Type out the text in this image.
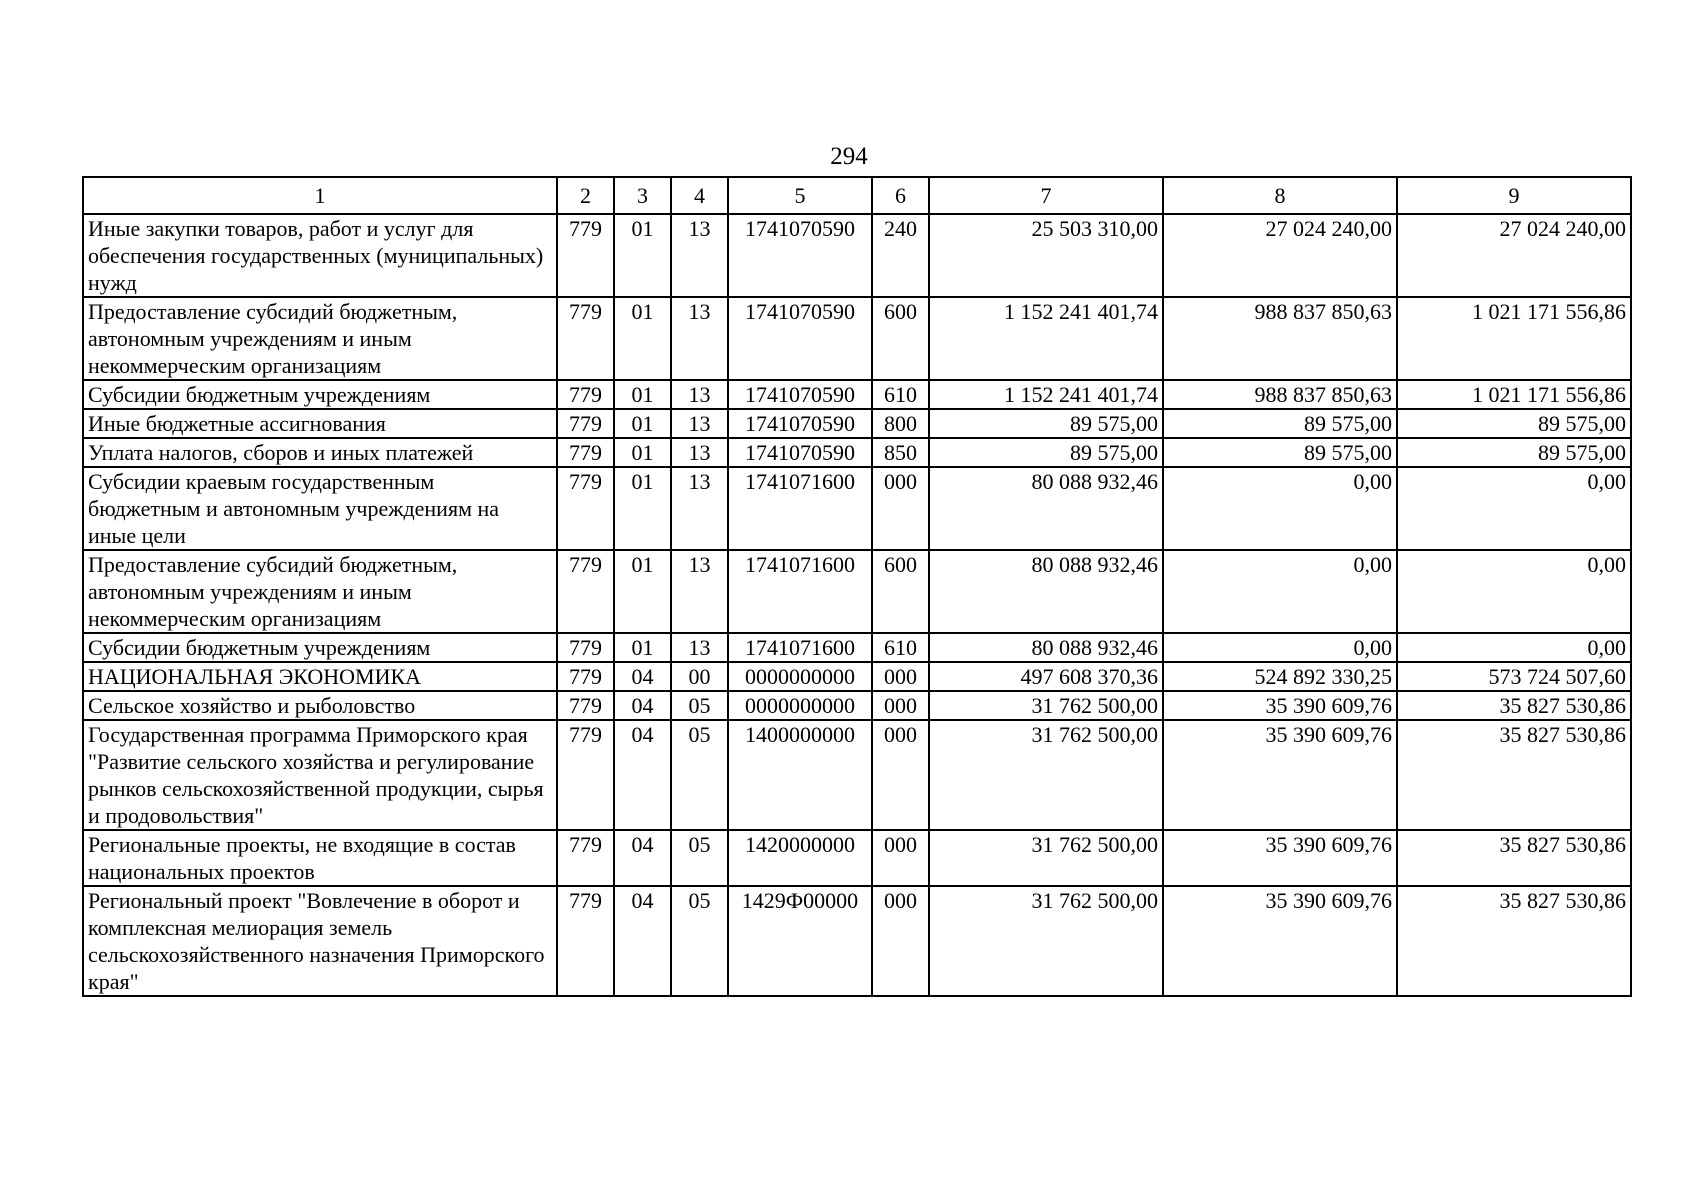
294
1	2	3	4	5	6	7	8	9
Иные закупки товаров, работ и услуг для обеспечения государственных (муниципальных) нужд	779	01	13	1741070590	240	25 503 310,00	27 024 240,00	27 024 240,00
Предоставление субсидий бюджетным, автономным учреждениям и иным некоммерческим организациям	779	01	13	1741070590	600	1 152 241 401,74	988 837 850,63	1 021 171 556,86
Субсидии бюджетным учреждениям	779	01	13	1741070590	610	1 152 241 401,74	988 837 850,63	1 021 171 556,86
Иные бюджетные ассигнования	779	01	13	1741070590	800	89 575,00	89 575,00	89 575,00
Уплата налогов, сборов и иных платежей	779	01	13	1741070590	850	89 575,00	89 575,00	89 575,00
Субсидии краевым государственным бюджетным и автономным учреждениям на иные цели	779	01	13	1741071600	000	80 088 932,46	0,00	0,00
Предоставление субсидий бюджетным, автономным учреждениям и иным некоммерческим организациям	779	01	13	1741071600	600	80 088 932,46	0,00	0,00
Субсидии бюджетным учреждениям	779	01	13	1741071600	610	80 088 932,46	0,00	0,00
НАЦИОНАЛЬНАЯ ЭКОНОМИКА	779	04	00	0000000000	000	497 608 370,36	524 892 330,25	573 724 507,60
Сельское хозяйство и рыболовство	779	04	05	0000000000	000	31 762 500,00	35 390 609,76	35 827 530,86
Государственная программа Приморского края "Развитие сельского хозяйства и регулирование рынков сельскохозяйственной продукции, сырья и продовольствия"	779	04	05	1400000000	000	31 762 500,00	35 390 609,76	35 827 530,86
Региональные проекты, не входящие в состав национальных проектов	779	04	05	1420000000	000	31 762 500,00	35 390 609,76	35 827 530,86
Региональный проект "Вовлечение в оборот и комплексная мелиорация земель сельскохозяйственного назначения Приморского края"	779	04	05	1429Ф00000	000	31 762 500,00	35 390 609,76	35 827 530,86
